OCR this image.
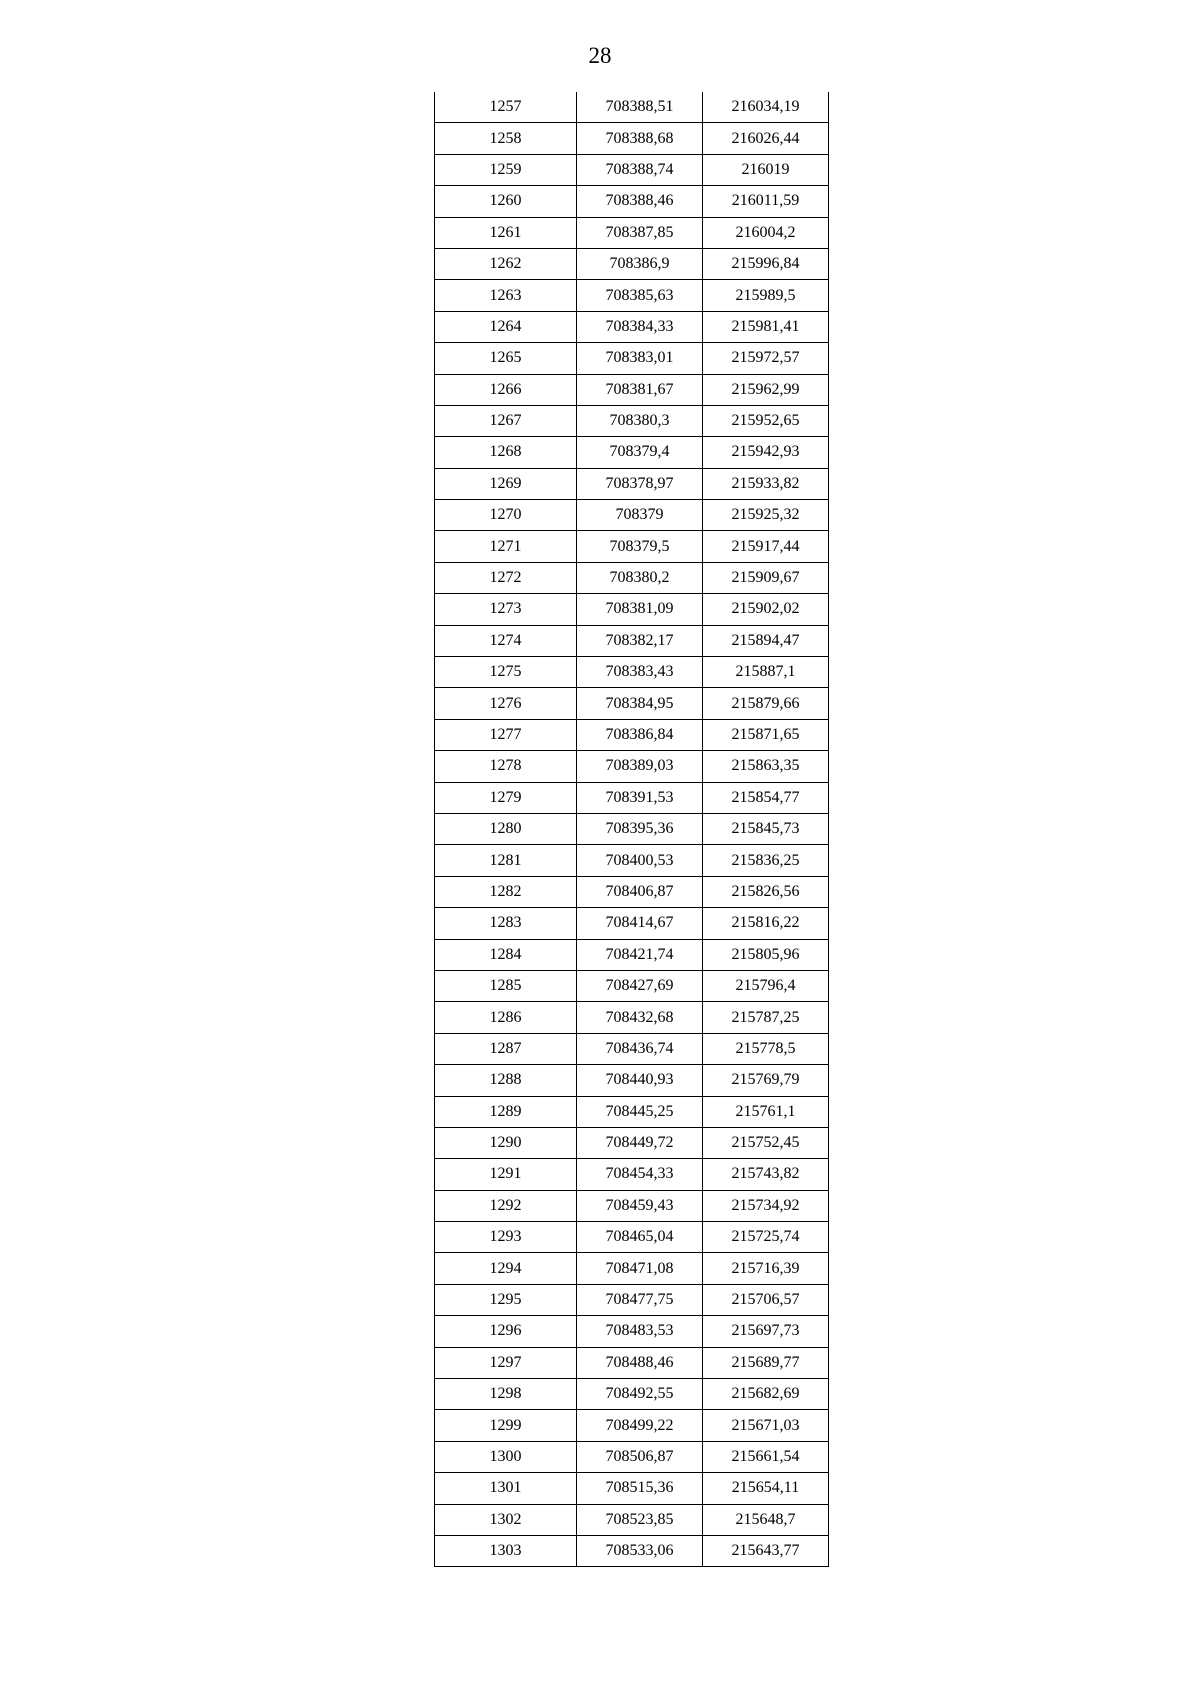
28
1257	708388,51	216034,19
1258	708388,68	216026,44
1259	708388,74	216019
1260	708388,46	216011,59
1261	708387,85	216004,2
1262	708386,9	215996,84
1263	708385,63	215989,5
1264	708384,33	215981,41
1265	708383,01	215972,57
1266	708381,67	215962,99
1267	708380,3	215952,65
1268	708379,4	215942,93
1269	708378,97	215933,82
1270	708379	215925,32
1271	708379,5	215917,44
1272	708380,2	215909,67
1273	708381,09	215902,02
1274	708382,17	215894,47
1275	708383,43	215887,1
1276	708384,95	215879,66
1277	708386,84	215871,65
1278	708389,03	215863,35
1279	708391,53	215854,77
1280	708395,36	215845,73
1281	708400,53	215836,25
1282	708406,87	215826,56
1283	708414,67	215816,22
1284	708421,74	215805,96
1285	708427,69	215796,4
1286	708432,68	215787,25
1287	708436,74	215778,5
1288	708440,93	215769,79
1289	708445,25	215761,1
1290	708449,72	215752,45
1291	708454,33	215743,82
1292	708459,43	215734,92
1293	708465,04	215725,74
1294	708471,08	215716,39
1295	708477,75	215706,57
1296	708483,53	215697,73
1297	708488,46	215689,77
1298	708492,55	215682,69
1299	708499,22	215671,03
1300	708506,87	215661,54
1301	708515,36	215654,11
1302	708523,85	215648,7
1303	708533,06	215643,77
